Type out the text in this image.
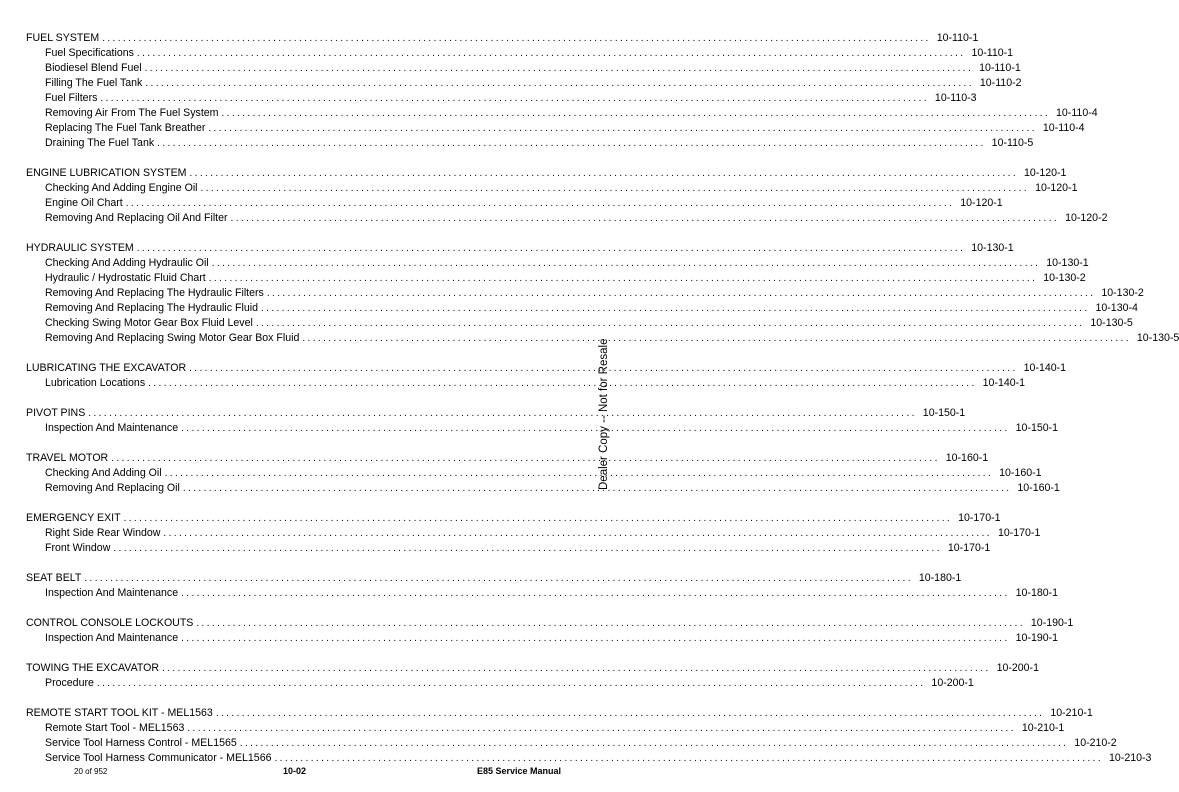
FUEL SYSTEM ................................................................................................................................................................ 10-110-1
Fuel Specifications ................................................................................................................................................................ 10-110-1
Biodiesel Blend Fuel ................................................................................................................................................................ 10-110-1
Filling The Fuel Tank ................................................................................................................................................................ 10-110-2
Fuel Filters ................................................................................................................................................................ 10-110-3
Removing Air From The Fuel System ................................................................................................................................................................ 10-110-4
Replacing The Fuel Tank Breather ................................................................................................................................................................ 10-110-4
Draining The Fuel Tank ................................................................................................................................................................ 10-110-5
ENGINE LUBRICATION SYSTEM ................................................................................................................................................................ 10-120-1
Checking And Adding Engine Oil ................................................................................................................................................................ 10-120-1
Engine Oil Chart ................................................................................................................................................................ 10-120-1
Removing And Replacing Oil And Filter ................................................................................................................................................................ 10-120-2
HYDRAULIC SYSTEM ................................................................................................................................................................ 10-130-1
Checking And Adding Hydraulic Oil ................................................................................................................................................................ 10-130-1
Hydraulic / Hydrostatic Fluid Chart ................................................................................................................................................................ 10-130-2
Removing And Replacing The Hydraulic Filters ................................................................................................................................................................ 10-130-2
Removing And Replacing The Hydraulic Fluid ................................................................................................................................................................ 10-130-4
Checking Swing Motor Gear Box Fluid Level ................................................................................................................................................................ 10-130-5
Removing And Replacing Swing Motor Gear Box Fluid ................................................................................................................................................................ 10-130-5
LUBRICATING THE EXCAVATOR ................................................................................................................................................................ 10-140-1
Lubrication Locations ................................................................................................................................................................ 10-140-1
PIVOT PINS ................................................................................................................................................................ 10-150-1
Inspection And Maintenance ................................................................................................................................................................ 10-150-1
TRAVEL MOTOR ................................................................................................................................................................ 10-160-1
Checking And Adding Oil ................................................................................................................................................................ 10-160-1
Removing And Replacing Oil ................................................................................................................................................................ 10-160-1
EMERGENCY EXIT ................................................................................................................................................................ 10-170-1
Right Side Rear Window ................................................................................................................................................................ 10-170-1
Front Window ................................................................................................................................................................ 10-170-1
SEAT BELT ................................................................................................................................................................ 10-180-1
Inspection And Maintenance ................................................................................................................................................................ 10-180-1
CONTROL CONSOLE LOCKOUTS ................................................................................................................................................................ 10-190-1
Inspection And Maintenance ................................................................................................................................................................ 10-190-1
TOWING THE EXCAVATOR ................................................................................................................................................................ 10-200-1
Procedure ................................................................................................................................................................ 10-200-1
REMOTE START TOOL KIT - MEL1563 ................................................................................................................................................................ 10-210-1
Remote Start Tool - MEL1563 ................................................................................................................................................................ 10-210-1
Service Tool Harness Control - MEL1565 ................................................................................................................................................................ 10-210-2
Service Tool Harness Communicator - MEL1566 ................................................................................................................................................................ 10-210-3
Dealer Copy -- Not for Resale
20 of 952	10-02	E85 Service Manual
